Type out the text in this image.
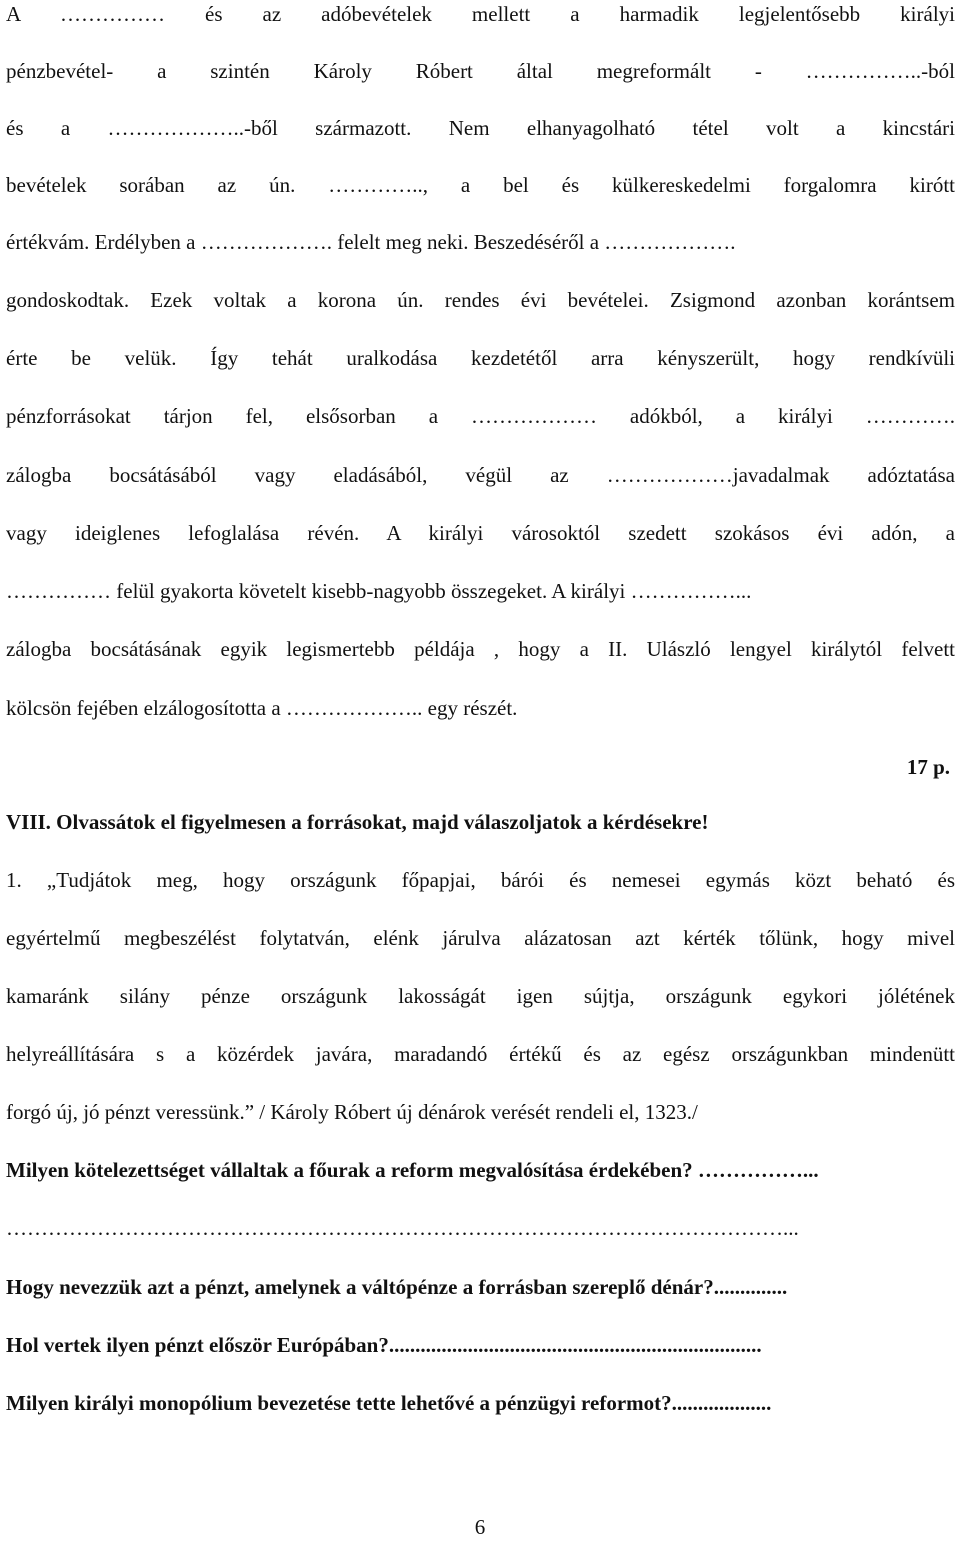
A …………… és az adóbevételek mellett a harmadik legjelentősebb királyi
pénzbevétel- a szintén Károly Róbert által megreformált - ……………..-ból
és a ………………..-ből származott. Nem elhanyagolható tétel volt a kincstári
bevételek sorában az ún. ………….., a bel és külkereskedelmi forgalomra kirótt
értékvám. Erdélyben a ………………. felelt meg neki. Beszedéséről a ……………….
gondoskodtak. Ezek voltak a korona ún. rendes évi bevételei. Zsigmond azonban korántsem
érte be velük. Így tehát uralkodása kezdetétől arra kényszerült, hogy rendkívüli
pénzforrásokat tárjon fel, elsősorban a ……………… adókból, a királyi ………….
zálogba bocsátásából vagy eladásából, végül az ………………javadalmak adóztatása
vagy ideiglenes lefoglalása révén. A királyi városoktól szedett szokásos évi adón, a
…………… felül gyakorta követelt kisebb-nagyobb összegeket. A királyi ……………...
zálogba bocsátásának egyik legismertebb példája , hogy a II. Ulászló lengyel királytól felvett
kölcsön fejében elzálogosította a ……………….. egy részét.
17 p.
VIII. Olvassátok el figyelmesen a forrásokat, majd válaszoljatok a kérdésekre!
1. „Tudjátok meg, hogy országunk főpapjai, bárói és nemesei egymás közt beható és
egyértelmű megbeszélést folytatván, elénk járulva alázatosan azt kérték tőlünk, hogy mivel
kamaránk silány pénze országunk lakosságát igen sújtja, országunk egykori jólétének
helyreállítására s a közérdek javára, maradandó értékű és az egész országunkban mindenütt
forgó új, jó pénzt veressünk.” / Károly Róbert új dénárok verését rendeli el, 1323./
Milyen kötelezettséget vállaltak a főurak a reform megvalósítása érdekében? ……………...
…………………………………………………………………………………………………...
Hogy nevezzük azt a pénzt, amelynek a váltópénze a forrásban szereplő dénár?..............
Hol vertek ilyen pénzt először Európában?.......................................................................
Milyen királyi monopólium bevezetése tette lehetővé a pénzügyi reformot?...................
6
